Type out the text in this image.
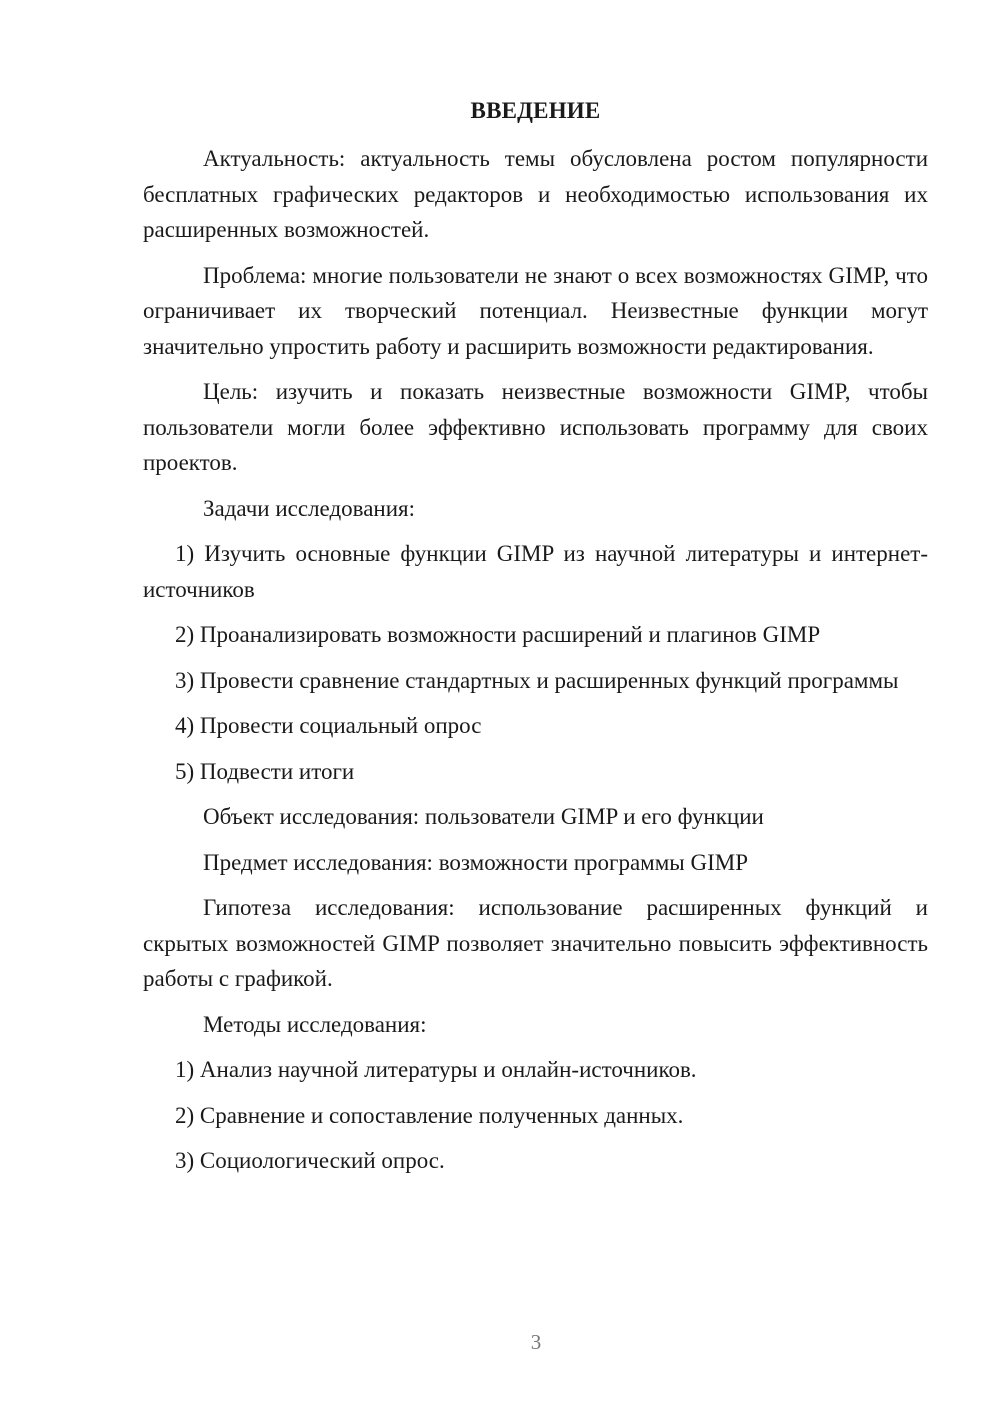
ВВЕДЕНИЕ

Актуальность: актуальность темы обусловлена ростом популярности бесплатных графических редакторов и необходимостью использования их расширенных возможностей.

Проблема: многие пользователи не знают о всех возможностях GIMP, что ограничивает их творческий потенциал. Неизвестные функции могут значительно упростить работу и расширить возможности редактирования.

Цель: изучить и показать неизвестные возможности GIMP, чтобы пользователи могли более эффективно использовать программу для своих проектов.

Задачи исследования:

1) Изучить основные функции GIMP из научной литературы и интернет-источников

2) Проанализировать возможности расширений и плагинов GIMP

3) Провести сравнение стандартных и расширенных функций программы

4) Провести социальный опрос

5) Подвести итоги

Объект исследования: пользователи GIMP и его функции

Предмет исследования: возможности программы GIMP

Гипотеза исследования: использование расширенных функций и скрытых возможностей GIMP позволяет значительно повысить эффективность работы с графикой.

Методы исследования:

1) Анализ научной литературы и онлайн-источников.

2) Сравнение и сопоставление полученных данных.

3) Социологический опрос.

3
